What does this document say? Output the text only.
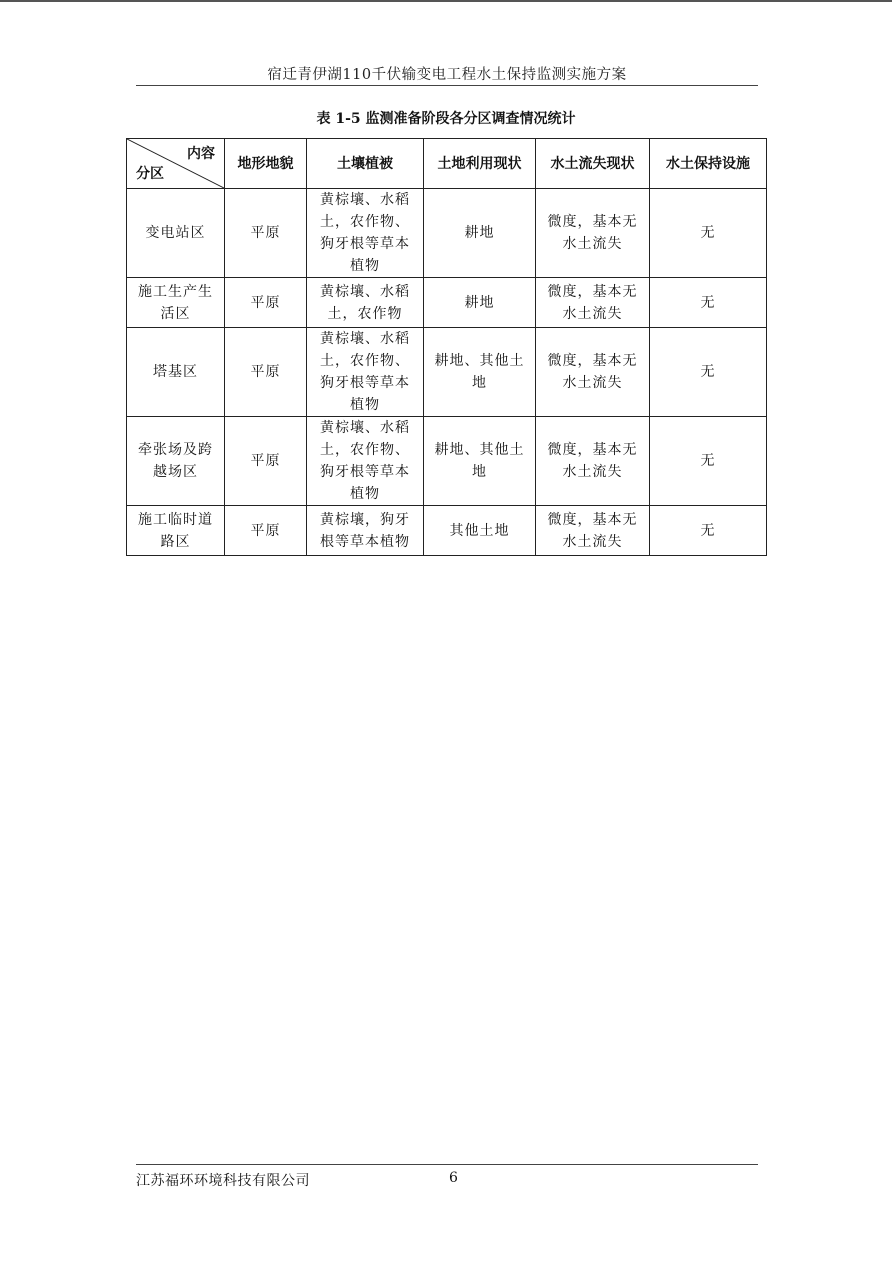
宿迁青伊湖110千伏输变电工程水土保持监测实施方案
表 1-5 监测准备阶段各分区调查情况统计
内容
分区	地形地貌	土壤植被	土地利用现状	水土流失现状	水土保持设施
变电站区	平原	黄棕壤、水稻土，农作物、狗牙根等草本植物	耕地	微度，基本无水土流失	无
施工生产生活区	平原	黄棕壤、水稻土，农作物	耕地	微度，基本无水土流失	无
塔基区	平原	黄棕壤、水稻土，农作物、狗牙根等草本植物	耕地、其他土地	微度，基本无水土流失	无
牵张场及跨越场区	平原	黄棕壤、水稻土，农作物、狗牙根等草本植物	耕地、其他土地	微度，基本无水土流失	无
施工临时道路区	平原	黄棕壤，狗牙根等草本植物	其他土地	微度，基本无水土流失	无
江苏福环环境科技有限公司	6
